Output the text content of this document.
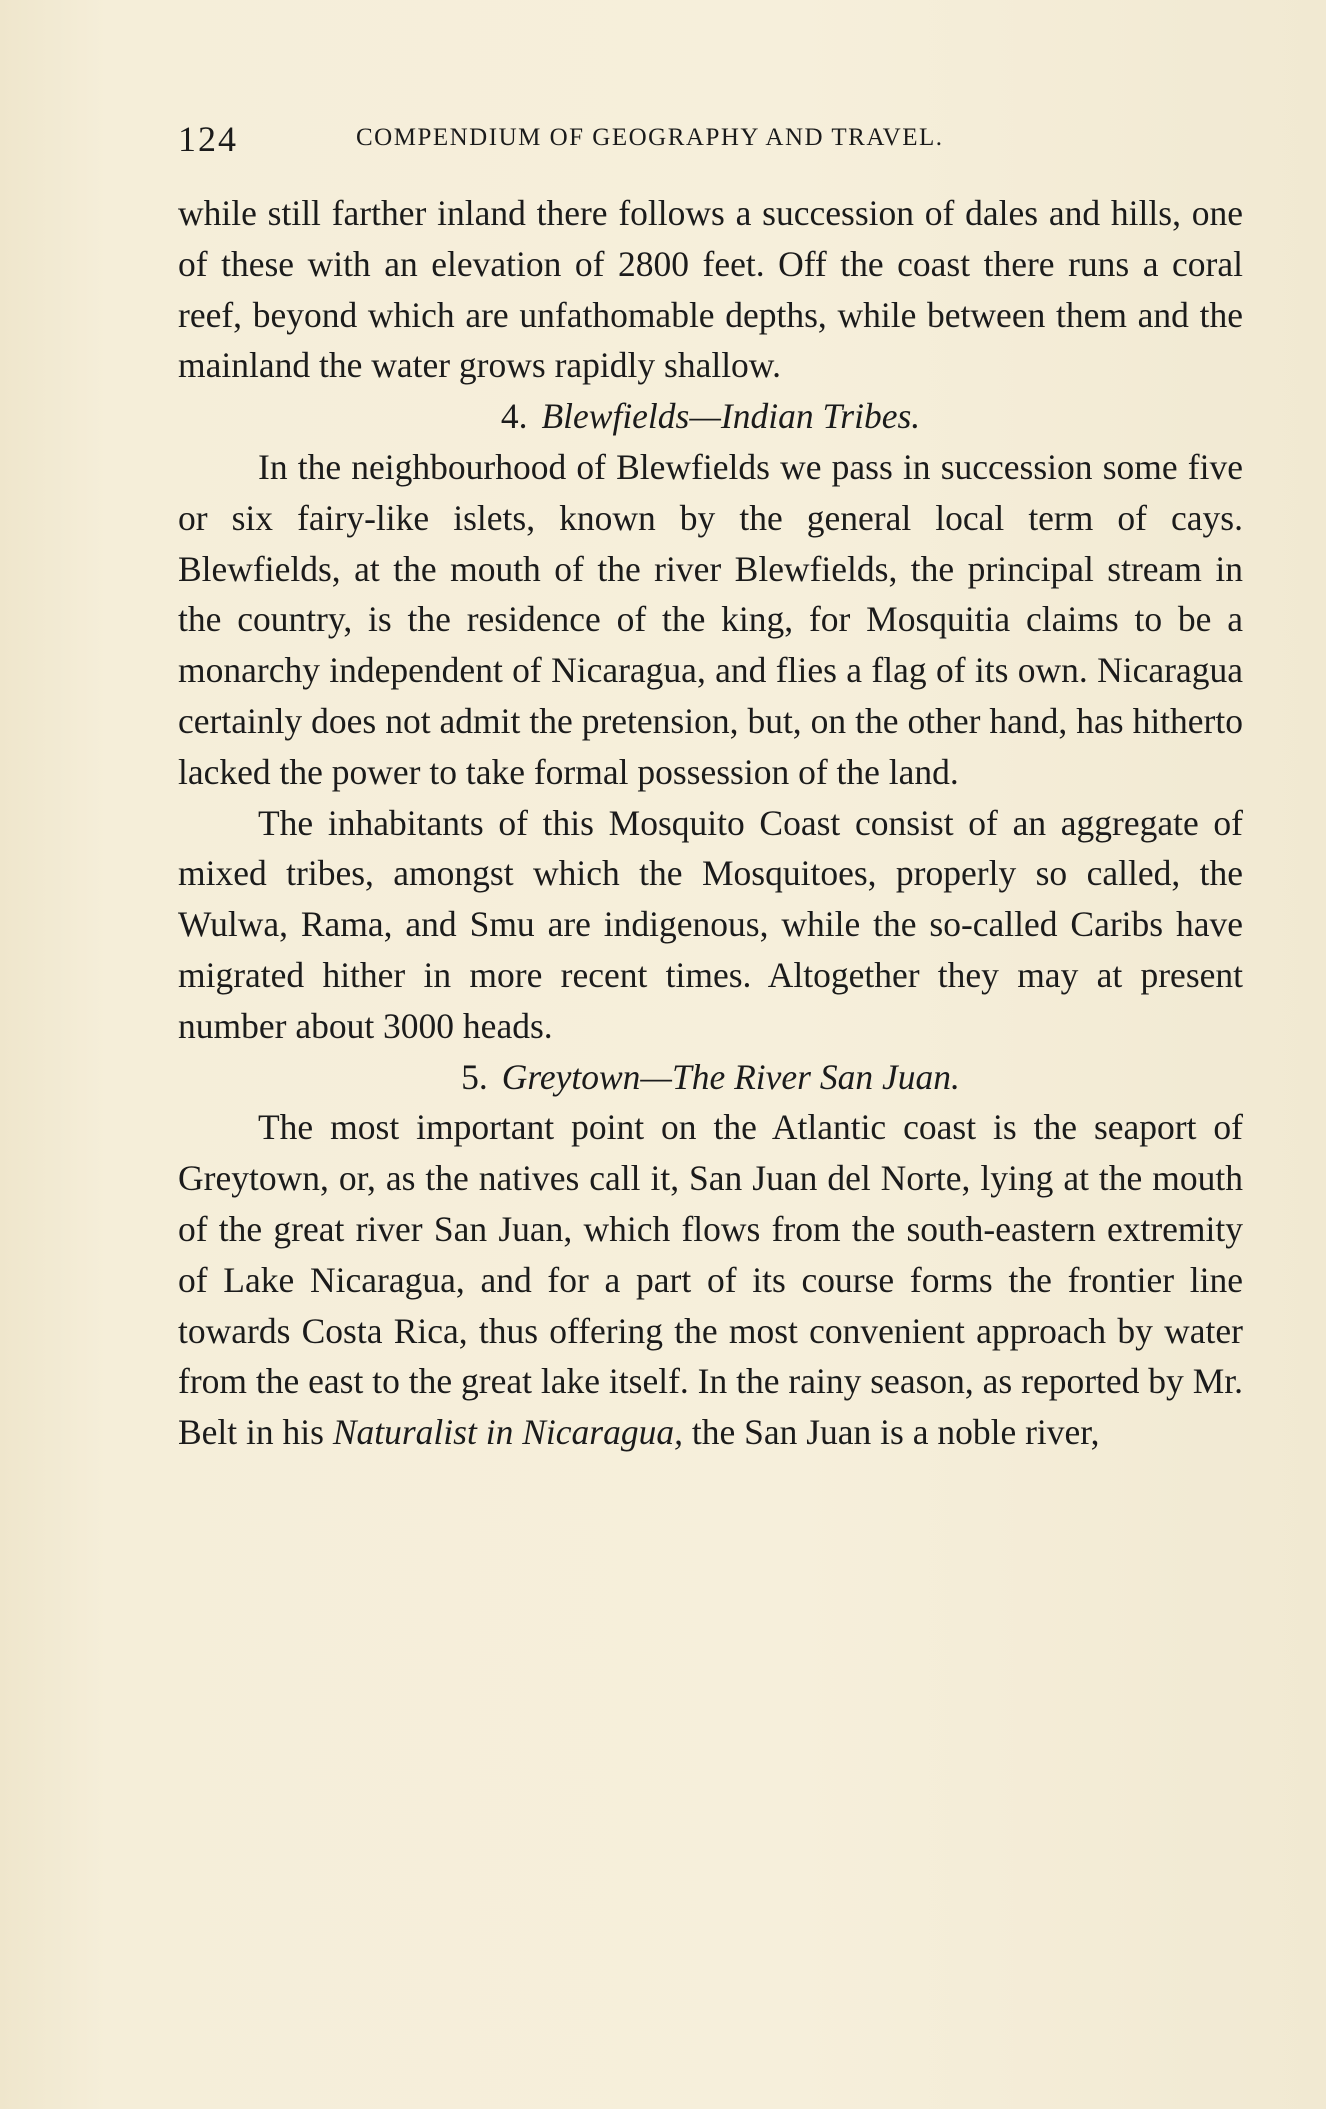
124	COMPENDIUM OF GEOGRAPHY AND TRAVEL.

while still farther inland there follows a succession of dales and hills, one of these with an elevation of 2800 feet. Off the coast there runs a coral reef, beyond which are unfathomable depths, while between them and the mainland the water grows rapidly shallow.

4. Blewfields—Indian Tribes.

In the neighbourhood of Blewfields we pass in succession some five or six fairy-like islets, known by the general local term of cays. Blewfields, at the mouth of the river Blewfields, the principal stream in the country, is the residence of the king, for Mosquitia claims to be a monarchy independent of Nicaragua, and flies a flag of its own. Nicaragua certainly does not admit the pretension, but, on the other hand, has hitherto lacked the power to take formal possession of the land.

The inhabitants of this Mosquito Coast consist of an aggregate of mixed tribes, amongst which the Mosquitoes, properly so called, the Wulwa, Rama, and Smu are indigenous, while the so-called Caribs have migrated hither in more recent times. Altogether they may at present number about 3000 heads.

5. Greytown—The River San Juan.

The most important point on the Atlantic coast is the seaport of Greytown, or, as the natives call it, San Juan del Norte, lying at the mouth of the great river San Juan, which flows from the south-eastern extremity of Lake Nicaragua, and for a part of its course forms the frontier line towards Costa Rica, thus offering the most convenient approach by water from the east to the great lake itself. In the rainy season, as reported by Mr. Belt in his Naturalist in Nicaragua, the San Juan is a noble river,
